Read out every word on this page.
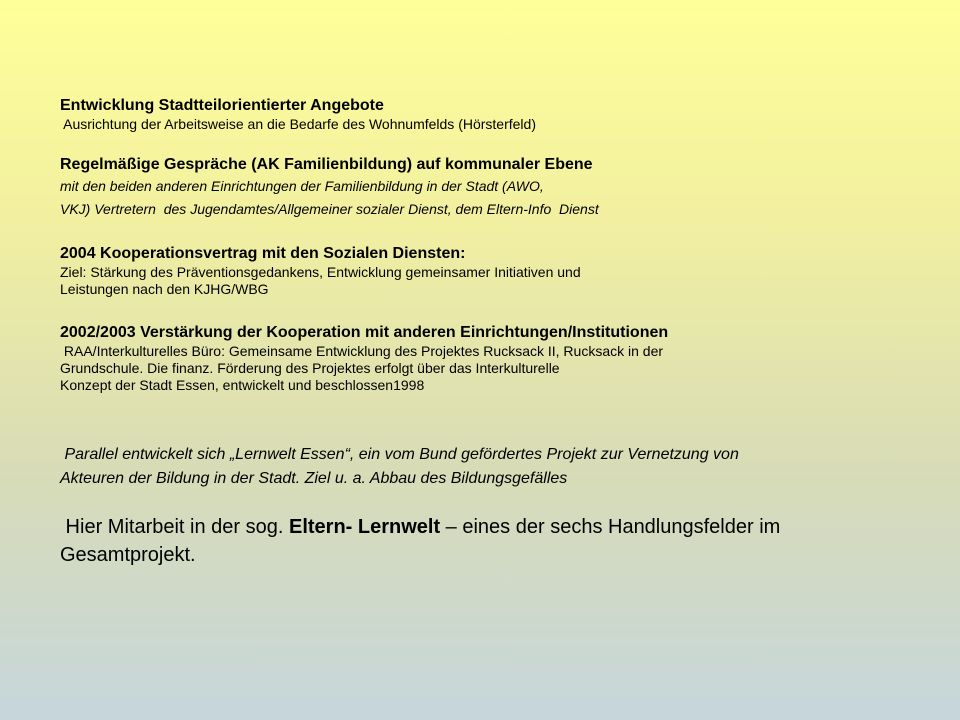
Entwicklung Stadtteilorientierter Angebote
Ausrichtung der Arbeitsweise an die Bedarfe des Wohnumfelds (Hörsterfeld)
Regelmäßige Gespräche (AK Familienbildung) auf kommunaler Ebene
mit den beiden anderen Einrichtungen der Familienbildung in der Stadt (AWO,
VKJ) Vertretern  des Jugendamtes/Allgemeiner sozialer Dienst, dem Eltern-Info  Dienst
2004 Kooperationsvertrag mit den Sozialen Diensten:
Ziel: Stärkung des Präventionsgedankens, Entwicklung gemeinsamer Initiativen und
Leistungen nach den KJHG/WBG
2002/2003 Verstärkung der Kooperation mit anderen Einrichtungen/Institutionen
RAA/Interkulturelles Büro: Gemeinsame Entwicklung des Projektes Rucksack II, Rucksack in der
Grundschule. Die finanz. Förderung des Projektes erfolgt über das Interkulturelle
Konzept der Stadt Essen, entwickelt und beschlossen1998
Parallel entwickelt sich „Lernwelt Essen“, ein vom Bund gefördertes Projekt zur Vernetzung von
Akteuren der Bildung in der Stadt. Ziel u. a. Abbau des Bildungsgefälles
Hier Mitarbeit in der sog. Eltern- Lernwelt – eines der sechs Handlungsfelder im
Gesamtprojekt.
